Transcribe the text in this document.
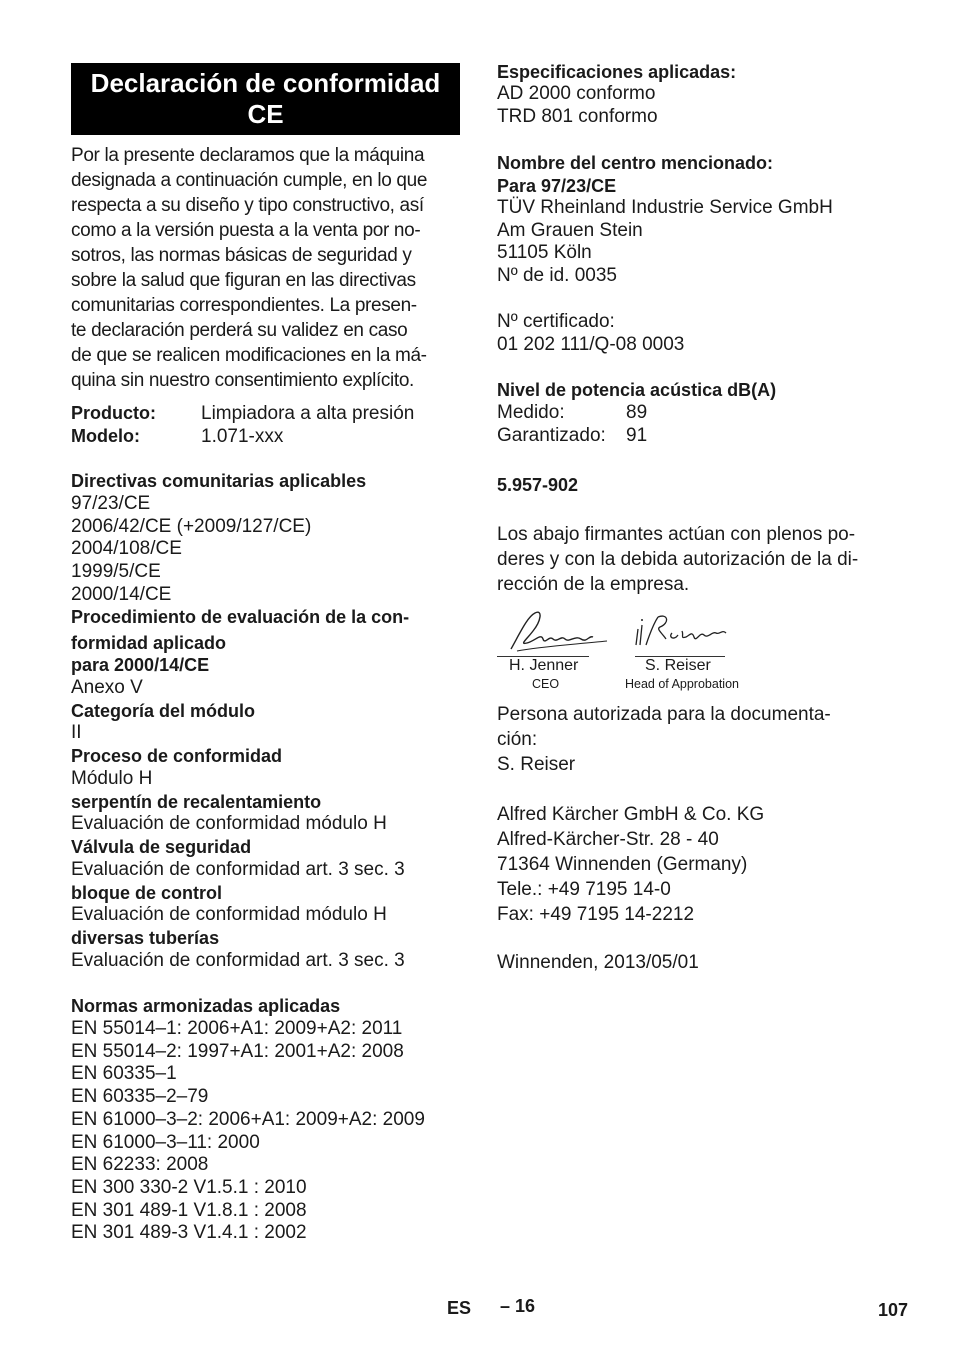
Declaración de conformidad
CE
Por la presente declaramos que la máquina
designada a continuación cumple, en lo que
respecta a su diseño y tipo constructivo, así
como a la versión puesta a la venta por no-
sotros, las normas básicas de seguridad y
sobre la salud que figuran en las directivas
comunitarias correspondientes. La presen-
te declaración perderá su validez en caso
de que se realicen modificaciones en la má-
quina sin nuestro consentimiento explícito.
Producto: Limpiadora a alta presión
Modelo:	1.071-xxx
Directivas comunitarias aplicables
97/23/CE
2006/42/CE (+2009/127/CE)
2004/108/CE
1999/5/CE
2000/14/CE
Procedimiento de evaluación de la con-
formidad aplicado
para 2000/14/CE
Anexo V
Categoría del módulo
II
Proceso de conformidad
Módulo H
serpentín de recalentamiento
Evaluación de conformidad módulo H
Válvula de seguridad
Evaluación de conformidad art. 3 sec. 3
bloque de control
Evaluación de conformidad módulo H
diversas tuberías
Evaluación de conformidad art. 3 sec. 3
Normas armonizadas aplicadas
EN 55014–1: 2006+A1: 2009+A2: 2011
EN 55014–2: 1997+A1: 2001+A2: 2008
EN 60335–1
EN 60335–2–79
EN 61000–3–2: 2006+A1: 2009+A2: 2009
EN 61000–3–11: 2000
EN 62233: 2008
EN 300 330-2 V1.5.1 : 2010
EN 301 489-1 V1.8.1 : 2008
EN 301 489-3 V1.4.1 : 2002
Especificaciones aplicadas:
AD 2000 conformo
TRD 801 conformo
Nombre del centro mencionado:
Para 97/23/CE
TÜV Rheinland Industrie Service GmbH
Am Grauen Stein
51105 Köln
Nº de id. 0035
Nº certificado:
01 202 111/Q-08 0003
Nivel de potencia acústica dB(A)
Medido:	89
Garantizado: 91
5.957-902
Los abajo firmantes actúan con plenos po-
deres y con la debida autorización de la di-
rección de la empresa.
H. Jenner	S. Reiser
CEO	Head of Approbation
Persona autorizada para la documenta-
ción:
S. Reiser
Alfred Kärcher GmbH & Co. KG
Alfred-Kärcher-Str. 28 - 40
71364 Winnenden (Germany)
Tele.: +49 7195 14-0
Fax: +49 7195 14-2212
Winnenden, 2013/05/01
ES – 16	107
